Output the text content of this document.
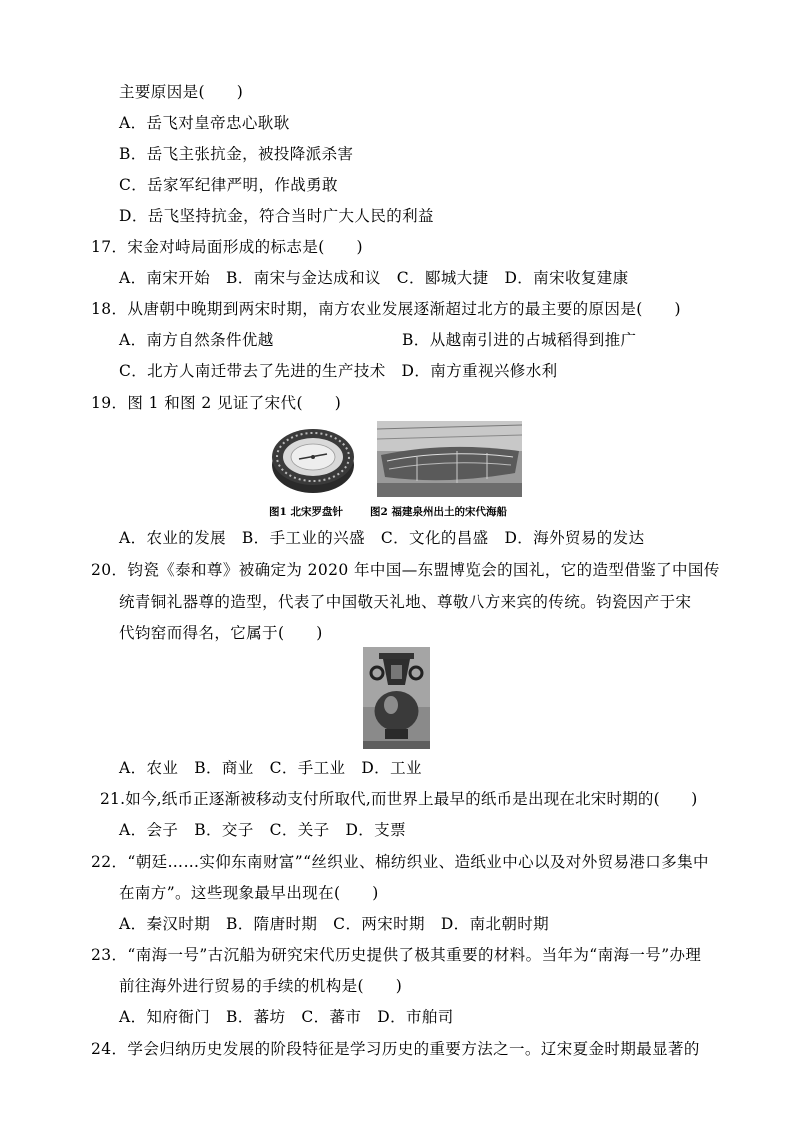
主要原因是(　　)
A．岳飞对皇帝忠心耿耿
B．岳飞主张抗金，被投降派杀害
C．岳家军纪律严明，作战勇敢
D．岳飞坚持抗金，符合当时广大人民的利益
17．宋金对峙局面形成的标志是(　　)
A．南宋开始　B．南宋与金达成和议　C．郾城大捷　D．南宋收复建康
18．从唐朝中晚期到两宋时期，南方农业发展逐渐超过北方的最主要的原因是(　　)
A．南方自然条件优越	B．从越南引进的占城稻得到推广
C．北方人南迁带去了先进的生产技术　D．南方重视兴修水利
19．图 1 和图 2 见证了宋代(　　)
图1 北宋罗盘针	图2 福建泉州出土的宋代海船
A．农业的发展　B．手工业的兴盛　C．文化的昌盛　D．海外贸易的发达
20．钧瓷《泰和尊》被确定为 2020 年中国—东盟博览会的国礼，它的造型借鉴了中国传
统青铜礼器尊的造型，代表了中国敬天礼地、尊敬八方来宾的传统。钧瓷因产于宋
代钧窑而得名，它属于(　　)
A．农业　B．商业　C．手工业　D．工业
21.如今,纸币正逐渐被移动支付所取代,而世界上最早的纸币是出现在北宋时期的(　　)
A．会子　B．交子　C．关子　D．支票
22．“朝廷……实仰东南财富”“丝织业、棉纺织业、造纸业中心以及对外贸易港口多集中
在南方”。这些现象最早出现在(　　)
A．秦汉时期　B．隋唐时期　C．两宋时期　D．南北朝时期
23．“南海一号”古沉船为研究宋代历史提供了极其重要的材料。当年为“南海一号”办理
前往海外进行贸易的手续的机构是(　　)
A．知府衙门　B．蕃坊　C．蕃市　D．市舶司
24．学会归纳历史发展的阶段特征是学习历史的重要方法之一。辽宋夏金时期最显著的
